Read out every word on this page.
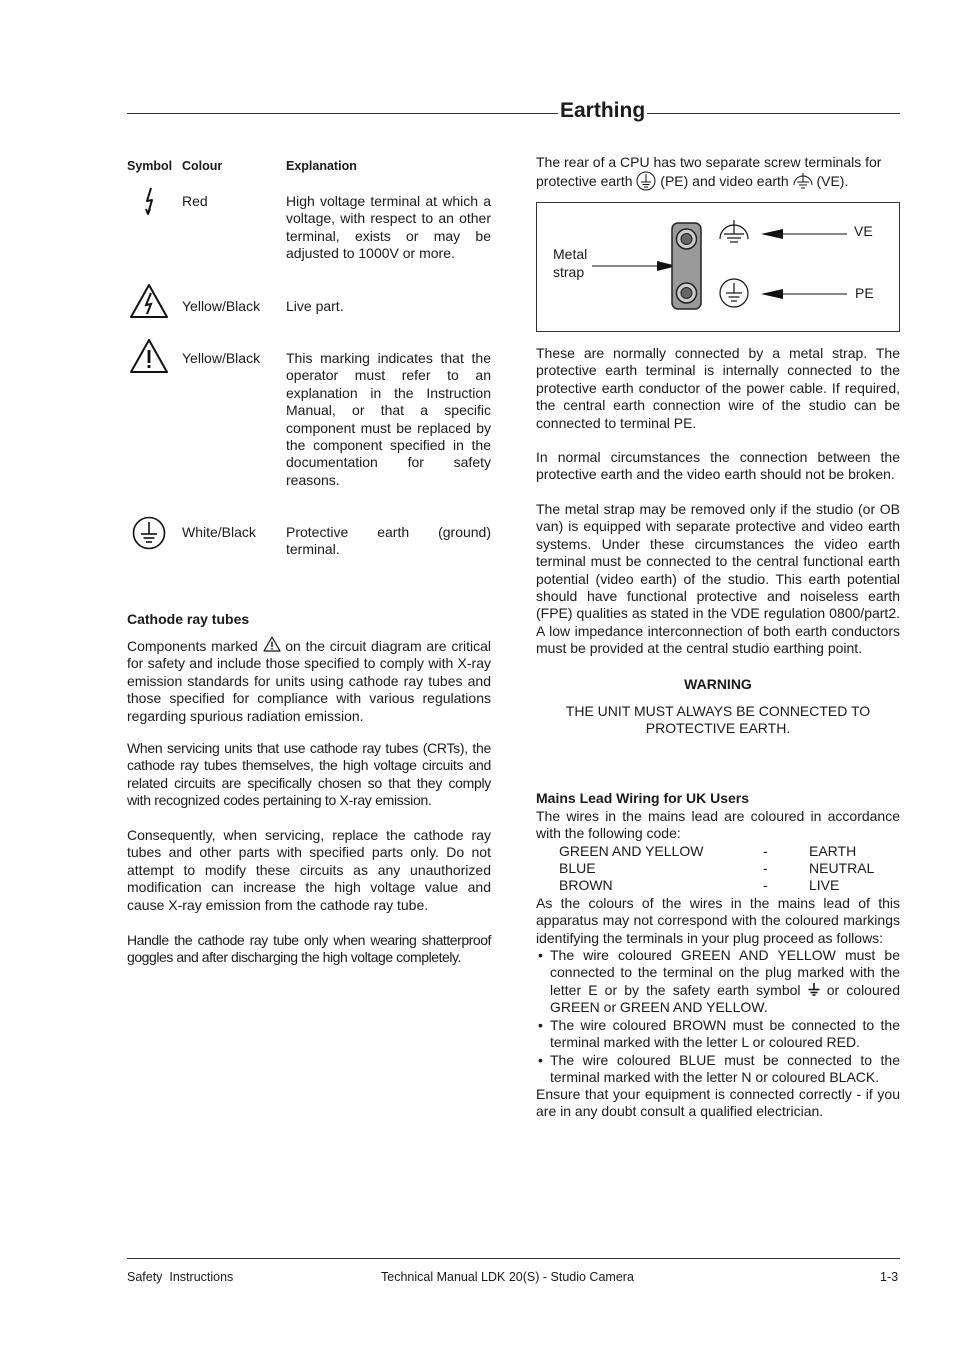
Earthing
Symbol Colour	Explanation
Red	High voltage terminal at which a voltage, with respect to an other terminal, exists or may be adjusted to 1000V or more.
Yellow/Black Live part.
Yellow/Black This marking indicates that the operator must refer to an explanation in the Instruction Manual, or that a specific component must be replaced by the component specified in the documentation for safety reasons.
White/Black Protective earth (ground) terminal.
Cathode ray tubes
Components marked on the circuit diagram are critical for safety and include those specified to comply with X-ray emission standards for units using cathode ray tubes and those specified for compliance with various regulations regarding spurious radiation emission.
When servicing units that use cathode ray tubes (CRTs), the cathode ray tubes themselves, the high voltage circuits and related circuits are specifically chosen so that they comply with recognized codes pertaining to X-ray emission.
Consequently, when servicing, replace the cathode ray tubes and other parts with specified parts only. Do not attempt to modify these circuits as any unauthorized modification can increase the high voltage value and cause X-ray emission from the cathode ray tube.
Handle the cathode ray tube only when wearing shatterproof goggles and after discharging the high voltage completely.
The rear of a CPU has two separate screw terminals for protective earth (PE) and video earth (VE).
Metal
strap
VE
PE
These are normally connected by a metal strap. The protective earth terminal is internally connected to the protective earth conductor of the power cable. If required, the central earth connection wire of the studio can be connected to terminal PE.
In normal circumstances the connection between the protective earth and the video earth should not be broken.
The metal strap may be removed only if the studio (or OB van) is equipped with separate protective and video earth systems. Under these circumstances the video earth terminal must be connected to the central functional earth potential (video earth) of the studio. This earth potential should have functional protective and noiseless earth (FPE) qualities as stated in the VDE regulation 0800/part2. A low impedance interconnection of both earth conductors must be provided at the central studio earthing point.
WARNING
THE UNIT MUST ALWAYS BE CONNECTED TO
PROTECTIVE EARTH.
Mains Lead Wiring for UK Users
The wires in the mains lead are coloured in accordance with the following code:
GREEN AND YELLOW	-	EARTH
BLUE	-	NEUTRAL
BROWN	-	LIVE
As the colours of the wires in the mains lead of this apparatus may not correspond with the coloured markings identifying the terminals in your plug proceed as follows:
• The wire coloured GREEN AND YELLOW must be connected to the terminal on the plug marked with the letter E or by the safety earth symbol or coloured GREEN or GREEN AND YELLOW.
• The wire coloured BROWN must be connected to the terminal marked with the letter L or coloured RED.
• The wire coloured BLUE must be connected to the terminal marked with the letter N or coloured BLACK.
Ensure that your equipment is connected correctly - if you are in any doubt consult a qualified electrician.
Safety  Instructions	Technical Manual LDK 20(S) - Studio Camera	1-3
